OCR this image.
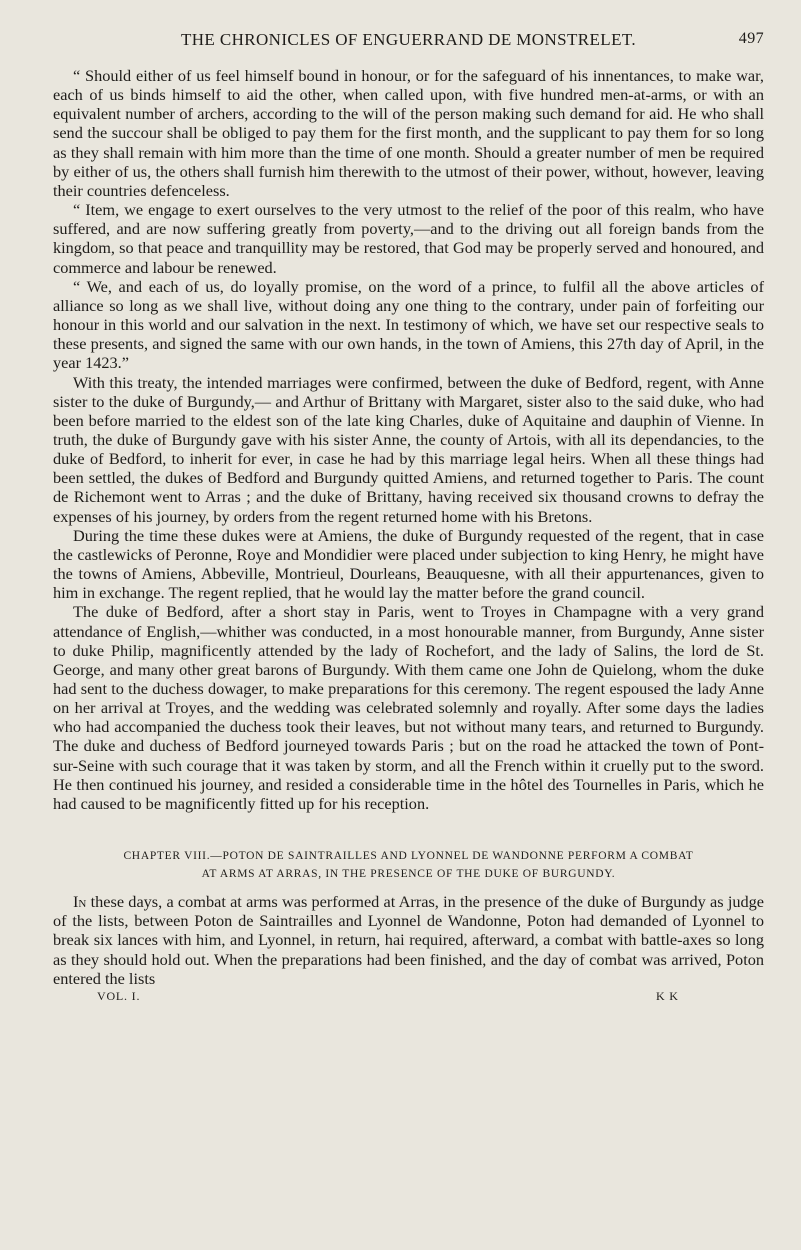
THE CHRONICLES OF ENGUERRAND DE MONSTRELET.	497

“ Should either of us feel himself bound in honour, or for the safeguard of his innentances, to make war, each of us binds himself to aid the other, when called upon, with five hundred men-at-arms, or with an equivalent number of archers, according to the will of the person making such demand for aid. He who shall send the succour shall be obliged to pay them for the first month, and the supplicant to pay them for so long as they shall remain with him more than the time of one month. Should a greater number of men be required by either of us, the others shall furnish him therewith to the utmost of their power, without, however, leaving their countries defenceless.

“ Item, we engage to exert ourselves to the very utmost to the relief of the poor of this realm, who have suffered, and are now suffering greatly from poverty,—and to the driving out all foreign bands from the kingdom, so that peace and tranquillity may be restored, that God may be properly served and honoured, and commerce and labour be renewed.

“ We, and each of us, do loyally promise, on the word of a prince, to fulfil all the above articles of alliance so long as we shall live, without doing any one thing to the contrary, under pain of forfeiting our honour in this world and our salvation in the next. In testimony of which, we have set our respective seals to these presents, and signed the same with our own hands, in the town of Amiens, this 27th day of April, in the year 1423.”

With this treaty, the intended marriages were confirmed, between the duke of Bedford, regent, with Anne sister to the duke of Burgundy,— and Arthur of Brittany with Margaret, sister also to the said duke, who had been before married to the eldest son of the late king Charles, duke of Aquitaine and dauphin of Vienne. In truth, the duke of Burgundy gave with his sister Anne, the county of Artois, with all its dependancies, to the duke of Bedford, to inherit for ever, in case he had by this marriage legal heirs. When all these things had been settled, the dukes of Bedford and Burgundy quitted Amiens, and returned together to Paris. The count de Richemont went to Arras ; and the duke of Brittany, having received six thousand crowns to defray the expenses of his journey, by orders from the regent returned home with his Bretons.

During the time these dukes were at Amiens, the duke of Burgundy requested of the regent, that in case the castlewicks of Peronne, Roye and Mondidier were placed under subjection to king Henry, he might have the towns of Amiens, Abbeville, Montrieul, Dourleans, Beauquesne, with all their appurtenances, given to him in exchange. The regent replied, that he would lay the matter before the grand council.

The duke of Bedford, after a short stay in Paris, went to Troyes in Champagne with a very grand attendance of English,—whither was conducted, in a most honourable manner, from Burgundy, Anne sister to duke Philip, magnificently attended by the lady of Rochefort, and the lady of Salins, the lord de St. George, and many other great barons of Burgundy. With them came one John de Quielong, whom the duke had sent to the duchess dowager, to make preparations for this ceremony. The regent espoused the lady Anne on her arrival at Troyes, and the wedding was celebrated solemnly and royally. After some days the ladies who had accompanied the duchess took their leaves, but not without many tears, and returned to Burgundy. The duke and duchess of Bedford journeyed towards Paris ; but on the road he attacked the town of Pont-sur-Seine with such courage that it was taken by storm, and all the French within it cruelly put to the sword. He then continued his journey, and resided a considerable time in the hôtel des Tournelles in Paris, which he had caused to be magnificently fitted up for his reception.

CHAPTER VIII.—POTON DE SAINTRAILLES AND LYONNEL DE WANDONNE PERFORM A COMBAT
AT ARMS AT ARRAS, IN THE PRESENCE OF THE DUKE OF BURGUNDY.

In these days, a combat at arms was performed at Arras, in the presence of the duke of Burgundy as judge of the lists, between Poton de Saintrailles and Lyonnel de Wandonne, Poton had demanded of Lyonnel to break six lances with him, and Lyonnel, in return, hai required, afterward, a combat with battle-axes so long as they should hold out. When the preparations had been finished, and the day of combat was arrived, Poton entered the lists

VOL. I.	K K
